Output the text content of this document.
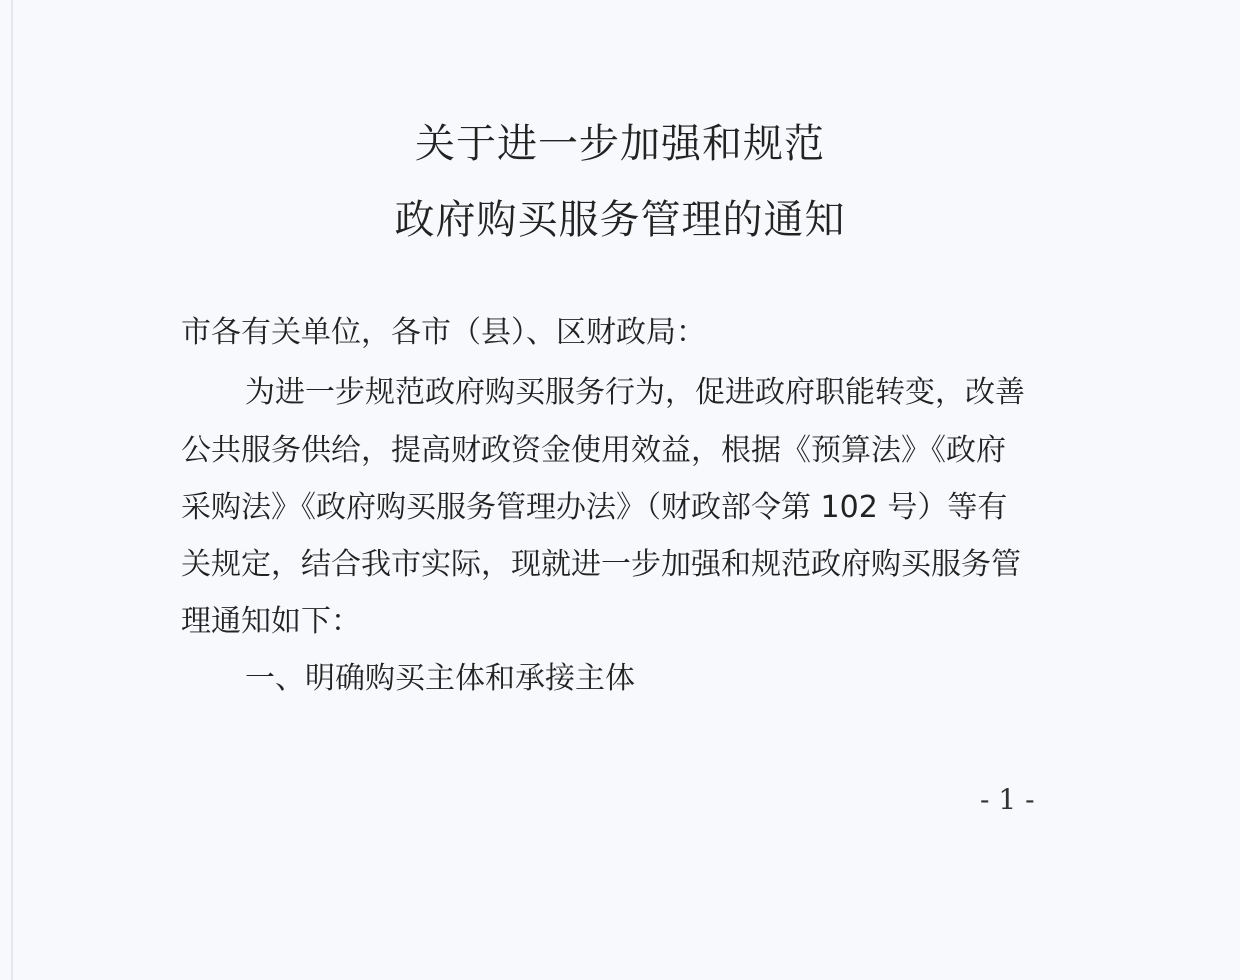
关于进一步加强和规范
政府购买服务管理的通知
市各有关单位，各市（县）、区财政局：
为进一步规范政府购买服务行为，促进政府职能转变，改善
公共服务供给，提高财政资金使用效益，根据《预算法》《政府
采购法》《政府购买服务管理办法》（财政部令第 102 号）等有
关规定，结合我市实际，现就进一步加强和规范政府购买服务管
理通知如下：
一、明确购买主体和承接主体
- 1 -
